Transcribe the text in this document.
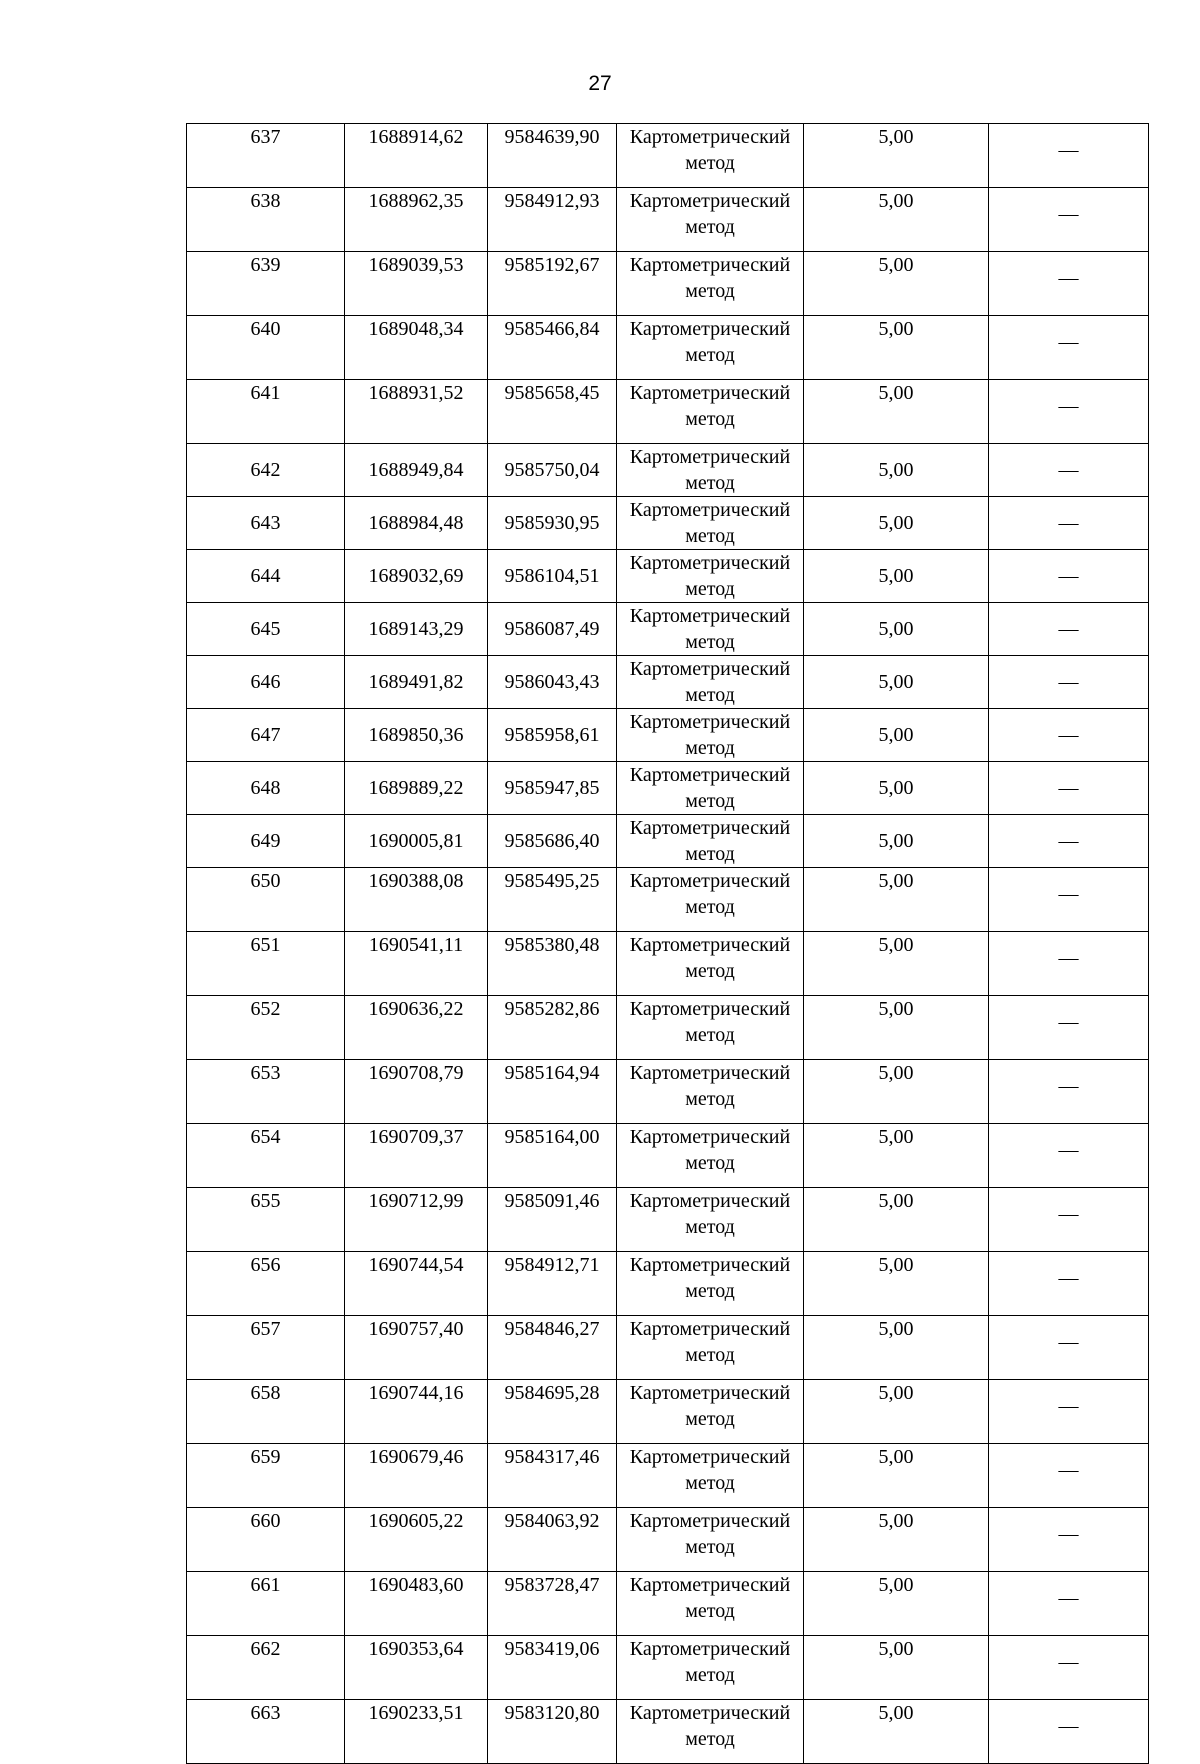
27
637	1688914,62	9584639,90	Картометрический метод	5,00	—
638	1688962,35	9584912,93	Картометрический метод	5,00	—
639	1689039,53	9585192,67	Картометрический метод	5,00	—
640	1689048,34	9585466,84	Картометрический метод	5,00	—
641	1688931,52	9585658,45	Картометрический метод	5,00	—
642	1688949,84	9585750,04	Картометрический метод	5,00	—
643	1688984,48	9585930,95	Картометрический метод	5,00	—
644	1689032,69	9586104,51	Картометрический метод	5,00	—
645	1689143,29	9586087,49	Картометрический метод	5,00	—
646	1689491,82	9586043,43	Картометрический метод	5,00	—
647	1689850,36	9585958,61	Картометрический метод	5,00	—
648	1689889,22	9585947,85	Картометрический метод	5,00	—
649	1690005,81	9585686,40	Картометрический метод	5,00	—
650	1690388,08	9585495,25	Картометрический метод	5,00	—
651	1690541,11	9585380,48	Картометрический метод	5,00	—
652	1690636,22	9585282,86	Картометрический метод	5,00	—
653	1690708,79	9585164,94	Картометрический метод	5,00	—
654	1690709,37	9585164,00	Картометрический метод	5,00	—
655	1690712,99	9585091,46	Картометрический метод	5,00	—
656	1690744,54	9584912,71	Картометрический метод	5,00	—
657	1690757,40	9584846,27	Картометрический метод	5,00	—
658	1690744,16	9584695,28	Картометрический метод	5,00	—
659	1690679,46	9584317,46	Картометрический метод	5,00	—
660	1690605,22	9584063,92	Картометрический метод	5,00	—
661	1690483,60	9583728,47	Картометрический метод	5,00	—
662	1690353,64	9583419,06	Картометрический метод	5,00	—
663	1690233,51	9583120,80	Картометрический метод	5,00	—
